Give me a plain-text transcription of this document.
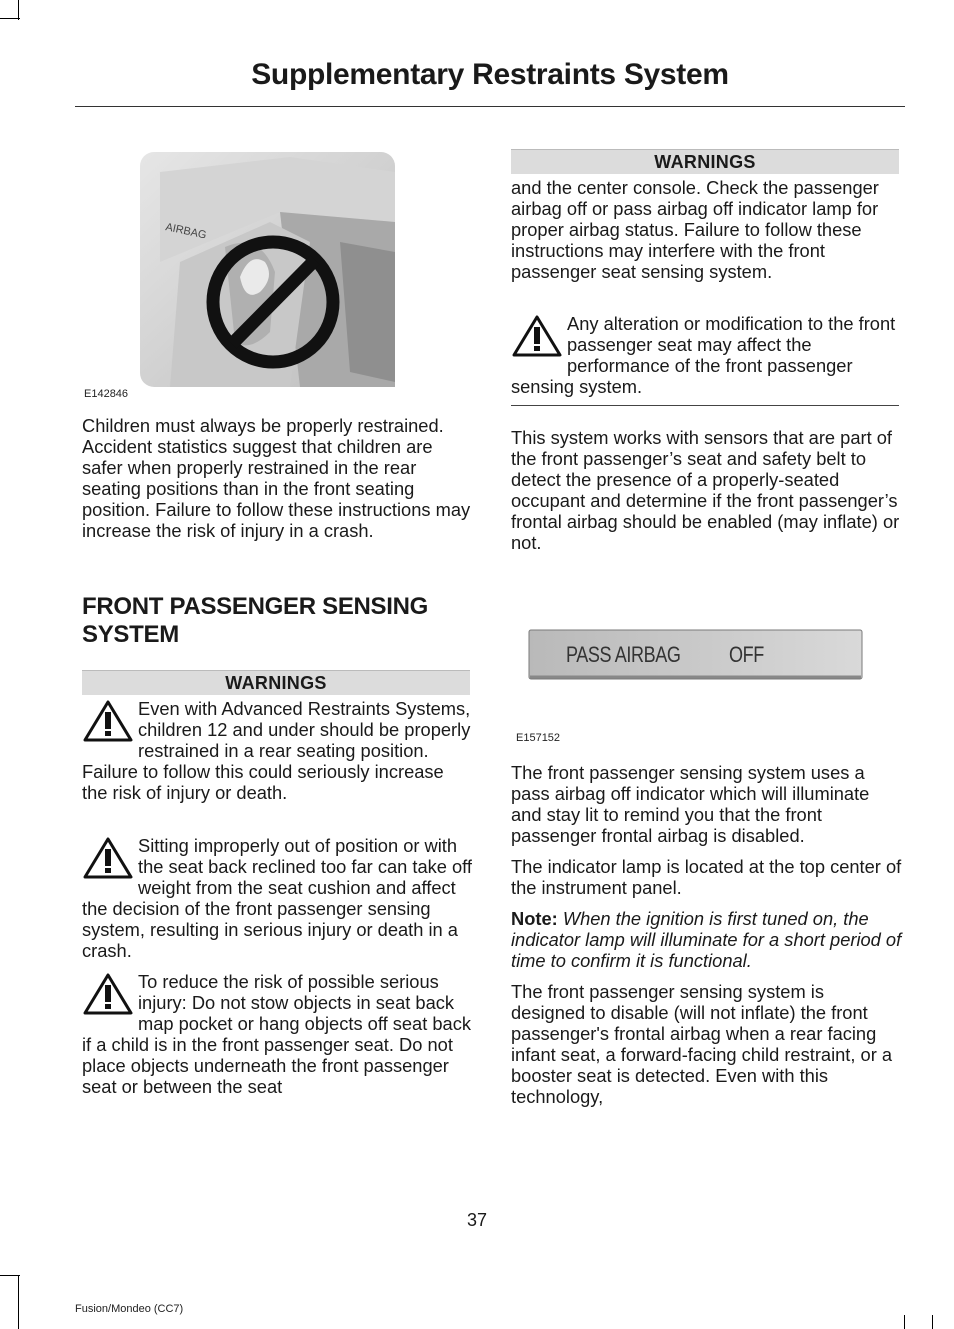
Supplementary Restraints System
AIRBAG
E142846

Children must always be properly restrained. Accident statistics suggest that children are safer when properly restrained in the rear seating positions than in the front seating position. Failure to follow these instructions may increase the risk of injury in a crash.

FRONT PASSENGER SENSING SYSTEM
WARNINGS
Even with Advanced Restraints Systems, children 12 and under should be properly restrained in a rear seating position. Failure to follow this could seriously increase the risk of injury or death.
Sitting improperly out of position or with the seat back reclined too far can take off weight from the seat cushion and affect the decision of the front passenger sensing system, resulting in serious injury or death in a crash.
To reduce the risk of possible serious injury: Do not stow objects in seat back map pocket or hang objects off seat back if a child is in the front passenger seat. Do not place objects underneath the front passenger seat or between the seat
WARNINGS
and the center console. Check the passenger airbag off or pass airbag off indicator lamp for proper airbag status. Failure to follow these instructions may interfere with the front passenger seat sensing system.
Any alteration or modification to the front passenger seat may affect the performance of the front passenger sensing system.

This system works with sensors that are part of the front passenger’s seat and safety belt to detect the presence of a properly-seated occupant and determine if the front passenger’s frontal airbag should be enabled (may inflate) or not.

PASS AIRBAG OFF
E157152

The front passenger sensing system uses a pass airbag off indicator which will illuminate and stay lit to remind you that the front passenger frontal airbag is disabled.

The indicator lamp is located at the top center of the instrument panel.

Note: When the ignition is first tuned on, the indicator lamp will illuminate for a short period of time to confirm it is functional.

The front passenger sensing system is designed to disable (will not inflate) the front passenger's frontal airbag when a rear facing infant seat, a forward-facing child restraint, or a booster seat is detected. Even with this technology,

37
Fusion/Mondeo (CC7)
